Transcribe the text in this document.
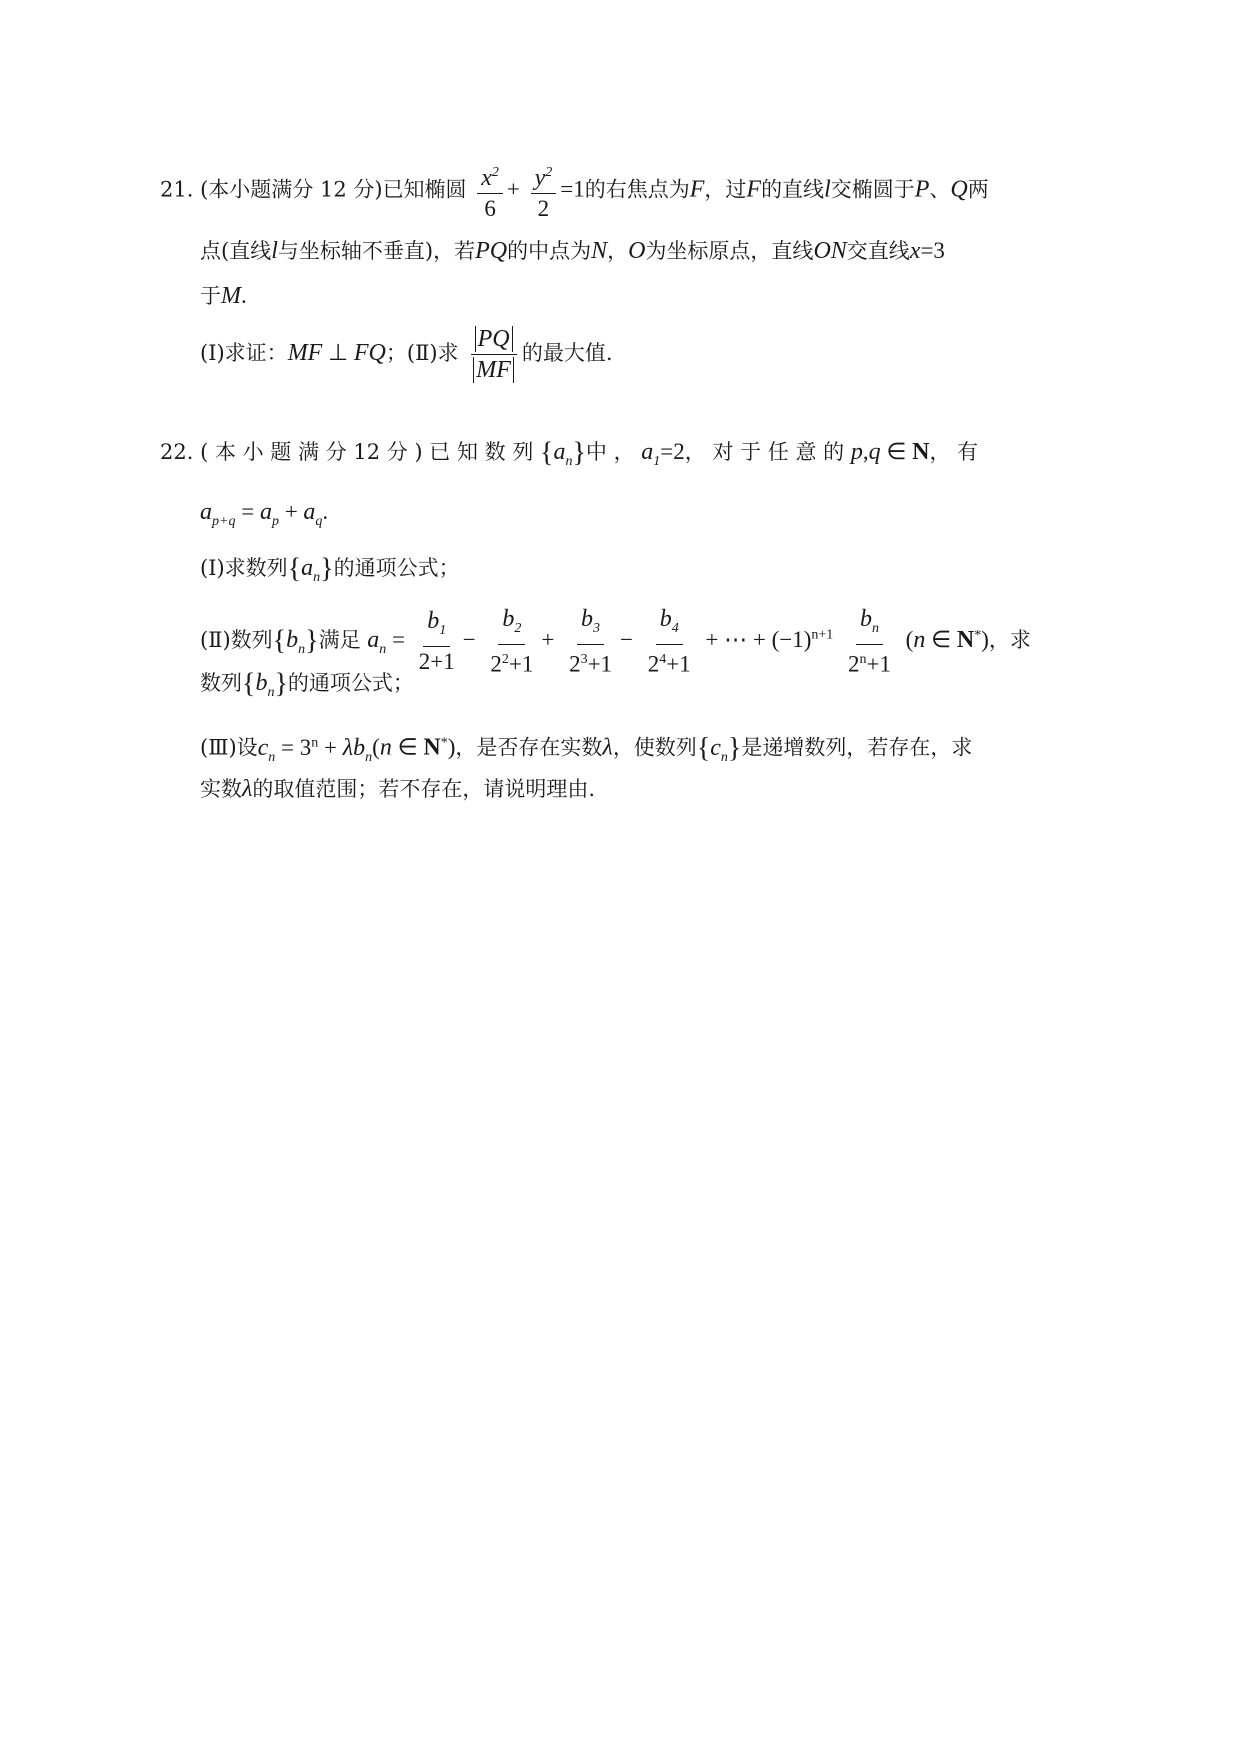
21. (本小题满分 12 分)已知椭圆 $\frac{x^2}{6} + \frac{y^2}{2} =1$的右焦点为F，过F的直线l交椭圆于P、Q两
点(直线l与坐标轴不垂直)，若PQ的中点为N，O为坐标原点，直线ON交直线x=3
于M.
(Ⅰ)求证：MF ⊥ FQ；(Ⅱ)求 $\frac{PQ}{MF}$ 的最大值.
22. ( 本 小 题 满 分 12 分 ) 已 知 数 列 $\{a_n\}$中 ， $a_1=2$， 对 于 任 意 的 p,q ∈ N， 有
$a_{p+q} = a_p + a_q$.
(Ⅰ)求数列$\{a_n\}$的通项公式；
(Ⅱ)数列$\{b_n\}$满足 $a_n = \frac{b_1}{2+1} - \frac{b_2}{2^2+1} + \frac{b_3}{2^3+1} - \frac{b_4}{2^4+1}$ + ⋯ + $(-1)^{n+1} \frac{b_n}{2^n+1} (n$ ∈ N*)，求
数列$\{b_n\}$的通项公式；
(Ⅲ)设$c_n = 3^n + \lambda b_n(n$ ∈ N*)，是否存在实数λ，使数列$\{c_n\}$是递增数列，若存在，求
实数λ的取值范围；若不存在，请说明理由.
